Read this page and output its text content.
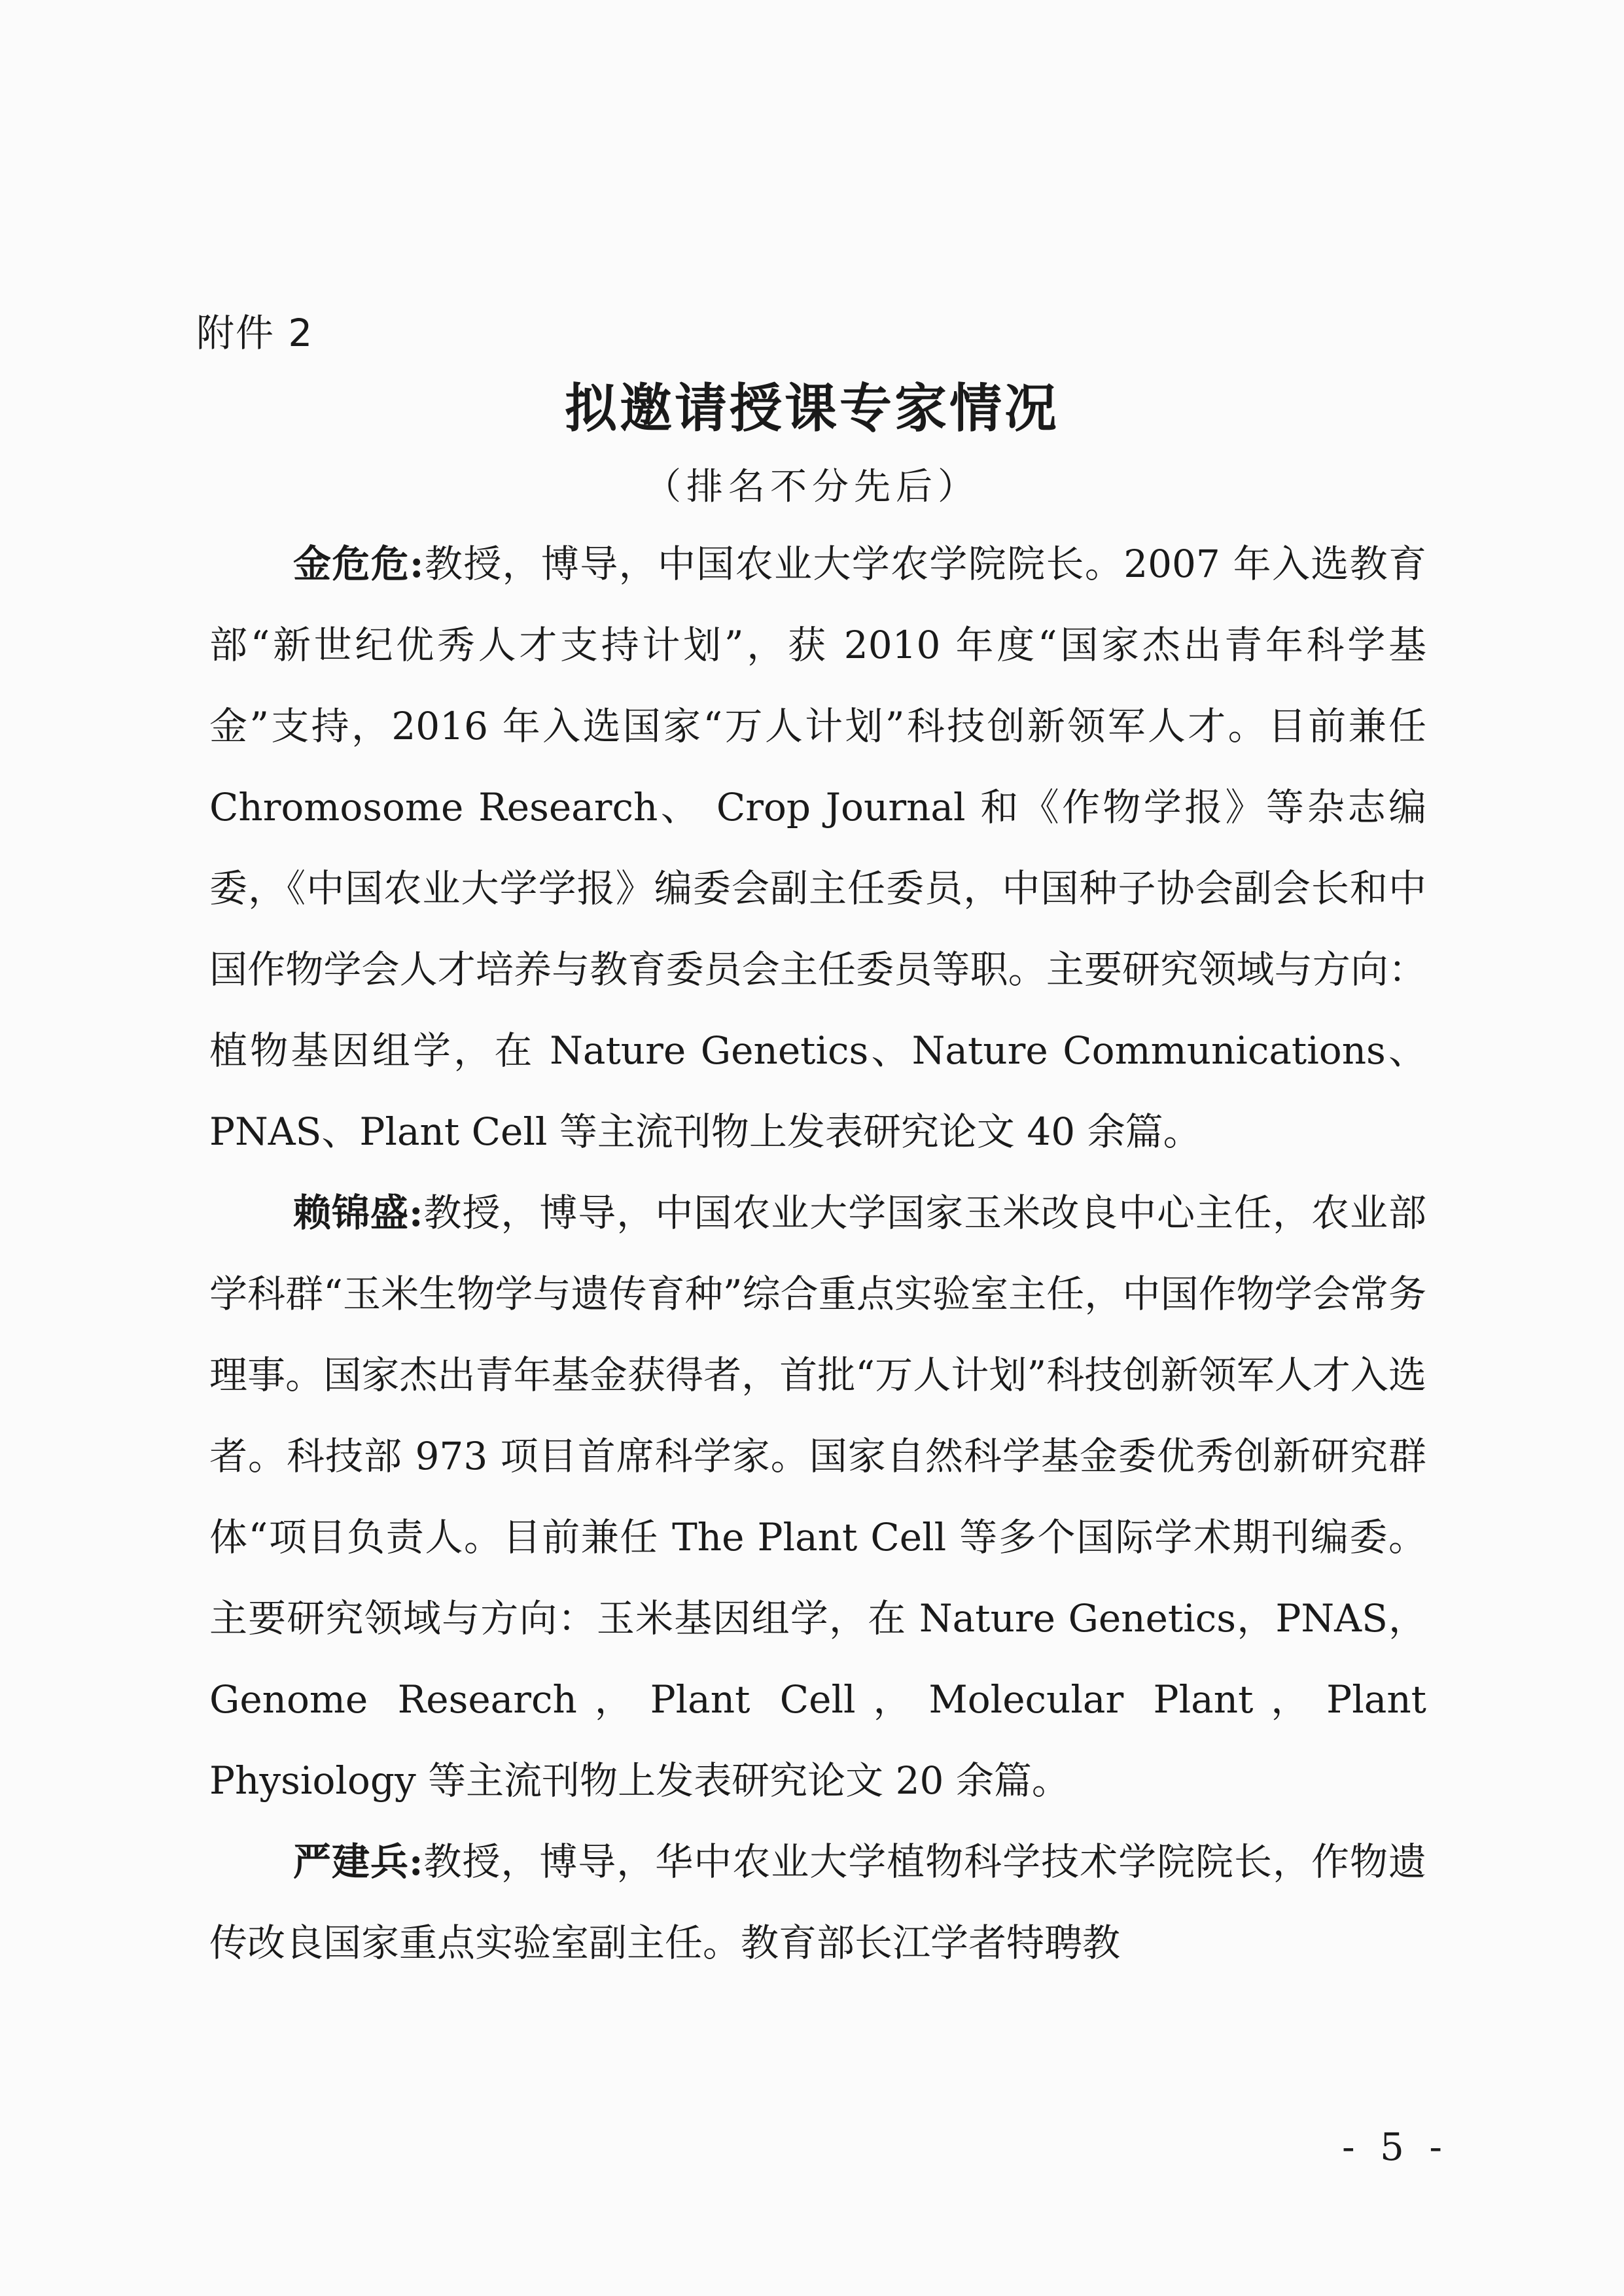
附件 2
拟邀请授课专家情况
（排名不分先后）

金危危:教授，博导，中国农业大学农学院院长。2007 年入选教育部“新世纪优秀人才支持计划”，获 2010 年度“国家杰出青年科学基金”支持，2016 年入选国家“万人计划”科技创新领军人才。目前兼任 Chromosome Research、 Crop Journal 和《作物学报》等杂志编委，《中国农业大学学报》编委会副主任委员，中国种子协会副会长和中国作物学会人才培养与教育委员会主任委员等职。主要研究领域与方向：植物基因组学，在 Nature Genetics、Nature Communications、PNAS、Plant Cell 等主流刊物上发表研究论文 40 余篇。

赖锦盛:教授，博导，中国农业大学国家玉米改良中心主任，农业部学科群“玉米生物学与遗传育种”综合重点实验室主任，中国作物学会常务理事。国家杰出青年基金获得者，首批“万人计划”科技创新领军人才入选者。科技部 973 项目首席科学家。国家自然科学基金委优秀创新研究群体“项目负责人。目前兼任 The Plant Cell 等多个国际学术期刊编委。主要研究领域与方向：玉米基因组学，在 Nature Genetics，PNAS，Genome Research，Plant Cell，Molecular Plant，Plant Physiology 等主流刊物上发表研究论文 20 余篇。

严建兵:教授，博导，华中农业大学植物科学技术学院院长，作物遗传改良国家重点实验室副主任。教育部长江学者特聘教

- 5 -
